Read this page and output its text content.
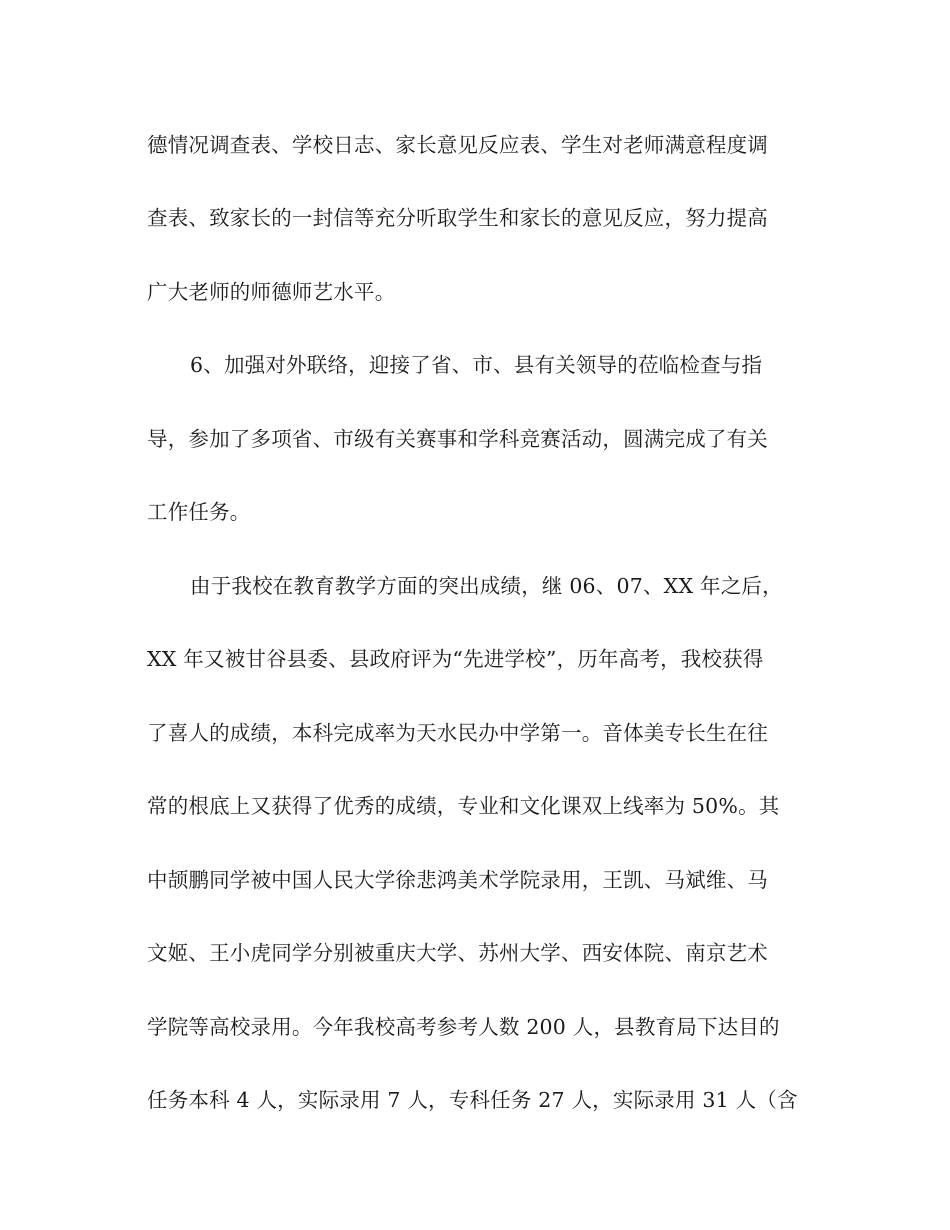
德情况调查表、学校日志、家长意见反应表、学生对老师满意程度调
查表、致家长的一封信等充分听取学生和家长的意见反应，努力提高
广大老师的师德师艺水平。
6、加强对外联络，迎接了省、市、县有关领导的莅临检查与指
导，参加了多项省、市级有关赛事和学科竞赛活动，圆满完成了有关
工作任务。
由于我校在教育教学方面的突出成绩，继 06、07、XX 年之后，
XX 年又被甘谷县委、县政府评为“先进学校”，历年高考，我校获得
了喜人的成绩，本科完成率为天水民办中学第一。音体美专长生在往
常的根底上又获得了优秀的成绩，专业和文化课双上线率为 50%。其
中颉鹏同学被中国人民大学徐悲鸿美术学院录用，王凯、马斌维、马
文姬、王小虎同学分别被重庆大学、苏州大学、西安体院、南京艺术
学院等高校录用。今年我校高考参考人数 200 人，县教育局下达目的
任务本科 4 人，实际录用 7 人，专科任务 27 人，实际录用 31 人（含
